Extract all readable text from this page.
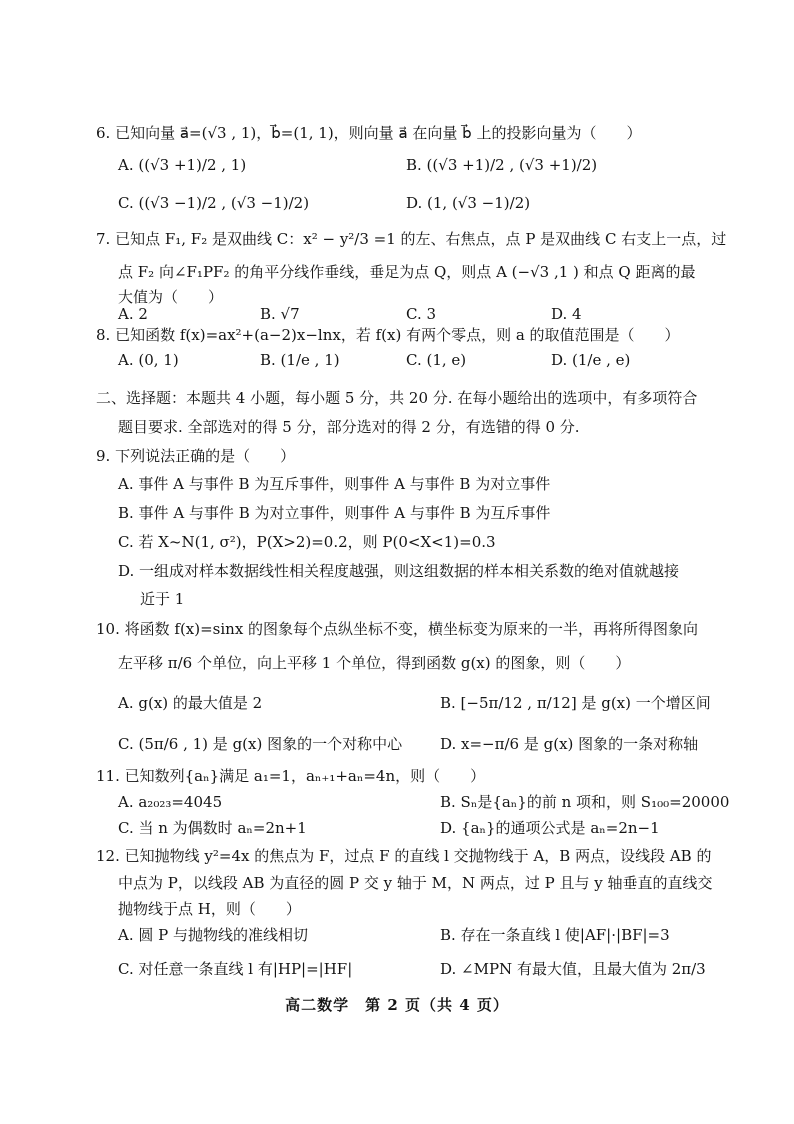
6. 已知向量 a⃗=(√3 , 1)，b⃗=(1, 1)，则向量 a⃗ 在向量 b⃗ 上的投影向量为（　　）
A. ((√3 +1)/2 , 1)	B. ((√3 +1)/2 , (√3 +1)/2)
C. ((√3 −1)/2 , (√3 −1)/2)	D. (1, (√3 −1)/2)
7. 已知点 F₁, F₂ 是双曲线 C：x² − y²/3 =1 的左、右焦点，点 P 是双曲线 C 右支上一点，过
点 F₂ 向∠F₁PF₂ 的角平分线作垂线，垂足为点 Q，则点 A (−√3 ,1 ) 和点 Q 距离的最
大值为（　　）
A. 2	B. √7	C. 3	D. 4
8. 已知函数 f(x)=ax²+(a−2)x−lnx，若 f(x) 有两个零点，则 a 的取值范围是（　　）
A. (0, 1)	B. (1/e , 1)	C. (1, e)	D. (1/e , e)
二、选择题：本题共 4 小题，每小题 5 分，共 20 分. 在每小题给出的选项中，有多项符合
题目要求. 全部选对的得 5 分，部分选对的得 2 分，有选错的得 0 分.
9. 下列说法正确的是（　　）
A. 事件 A 与事件 B 为互斥事件，则事件 A 与事件 B 为对立事件
B. 事件 A 与事件 B 为对立事件，则事件 A 与事件 B 为互斥事件
C. 若 X~N(1, σ²)，P(X>2)=0.2，则 P(0<X<1)=0.3
D. 一组成对样本数据线性相关程度越强，则这组数据的样本相关系数的绝对值就越接
近于 1
10. 将函数 f(x)=sinx 的图象每个点纵坐标不变，横坐标变为原来的一半，再将所得图象向
左平移 π/6 个单位，向上平移 1 个单位，得到函数 g(x) 的图象，则（　　）
A. g(x) 的最大值是 2	B. [−5π/12 , π/12] 是 g(x) 一个增区间
C. (5π/6 , 1) 是 g(x) 图象的一个对称中心	D. x=−π/6 是 g(x) 图象的一条对称轴
11. 已知数列{aₙ}满足 a₁=1，aₙ₊₁+aₙ=4n，则（　　）
A. a₂₀₂₃=4045	B. Sₙ是{aₙ}的前 n 项和，则 S₁₀₀=20000
C. 当 n 为偶数时 aₙ=2n+1	D. {aₙ}的通项公式是 aₙ=2n−1
12. 已知抛物线 y²=4x 的焦点为 F，过点 F 的直线 l 交抛物线于 A，B 两点，设线段 AB 的
中点为 P，以线段 AB 为直径的圆 P 交 y 轴于 M，N 两点，过 P 且与 y 轴垂直的直线交
抛物线于点 H，则（　　）
A. 圆 P 与抛物线的准线相切	B. 存在一条直线 l 使|AF|·|BF|=3
C. 对任意一条直线 l 有|HP|=|HF|	D. ∠MPN 有最大值，且最大值为 2π/3
高二数学　第 2 页（共 4 页）
